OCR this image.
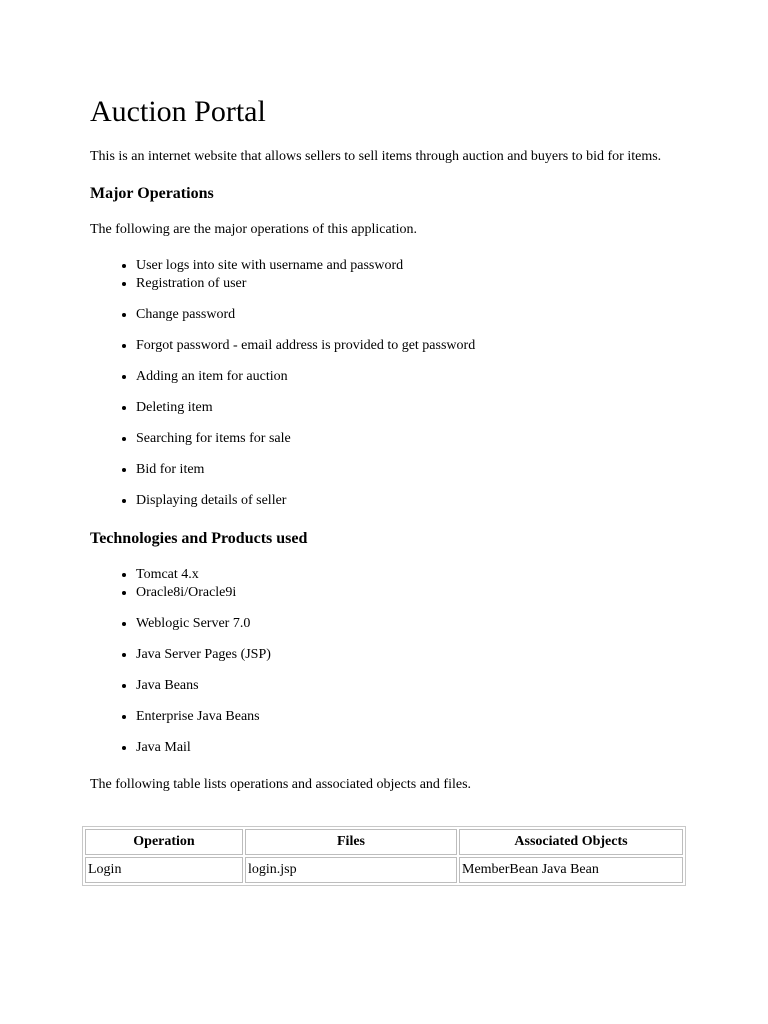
Auction Portal

This is an internet website that allows sellers to sell items through auction and buyers to bid for items.

Major Operations

The following are the major operations of this application.

• User logs into site with username and password
• Registration of user
• Change password
• Forgot password - email address is provided to get password
• Adding an item for auction
• Deleting item
• Searching for items for sale
• Bid for item
• Displaying details of seller
Technologies and Products used
• Tomcat 4.x
• Oracle8i/Oracle9i
• Weblogic Server 7.0
• Java Server Pages (JSP)
• Java Beans
• Enterprise Java Beans
• Java Mail

The following table lists operations and associated objects and files.

Operation	Files	Associated Objects
Login	login.jsp	MemberBean Java Bean
